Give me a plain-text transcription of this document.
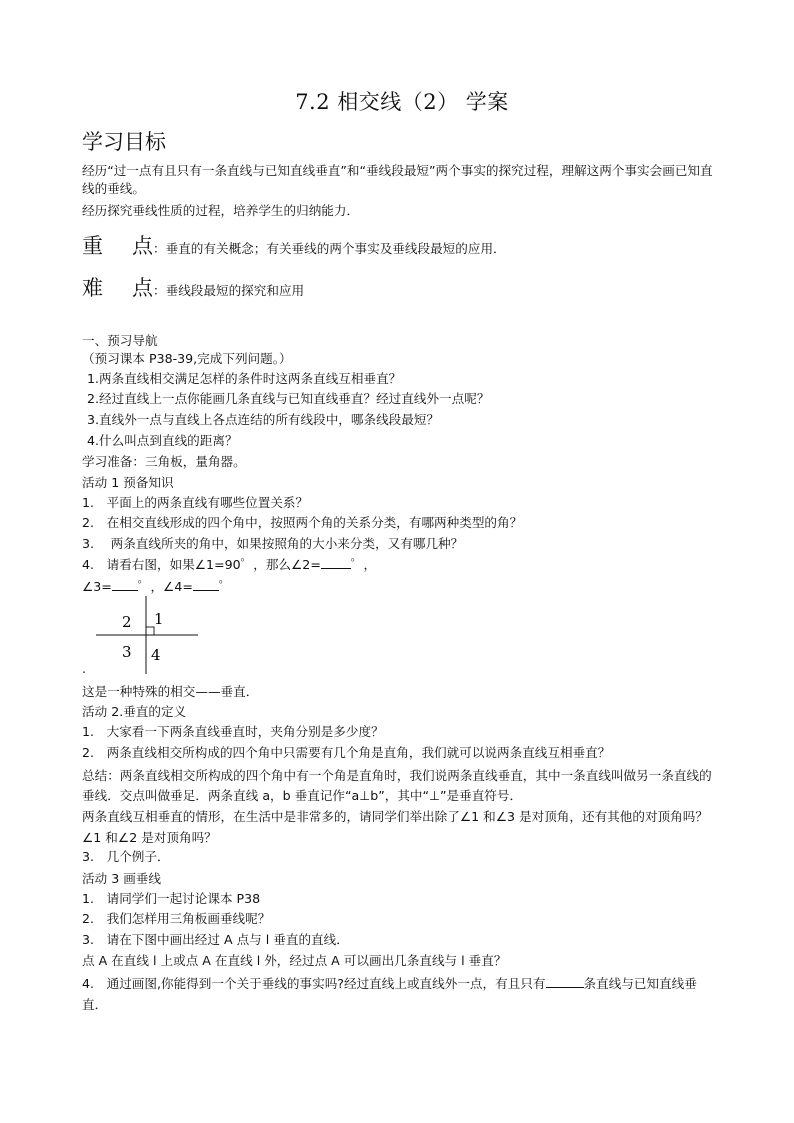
7.2 相交线（2） 学案
学习目标
经历“过一点有且只有一条直线与已知直线垂直”和“垂线段最短”两个事实的探究过程，理解这两个事实会画已知直线的垂线。
经历探究垂线性质的过程，培养学生的归纳能力．
重 点：垂直的有关概念；有关垂线的两个事实及垂线段最短的应用．
难 点：垂线段最短的探究和应用
一、预习导航
（预习课本 P38-39,完成下列问题。）
1.两条直线相交满足怎样的条件时这两条直线互相垂直？
2.经过直线上一点你能画几条直线与已知直线垂直？经过直线外一点呢？
3.直线外一点与直线上各点连结的所有线段中，哪条线段最短？
4.什么叫点到直线的距离？
学习准备：三角板，量角器。
活动 1 预备知识
1.　平面上的两条直线有哪些位置关系？
2.　在相交直线形成的四个角中，按照两个角的关系分类，有哪两种类型的角？
3.　 两条直线所夹的角中，如果按照角的大小来分类，又有哪几种？
4.　请看右图，如果∠1=90゜，那么∠2= ゜，
∠3= ゜，∠4= ゜
2 1
3 4
.
这是一种特殊的相交——垂直．
活动 2.垂直的定义
1.　大家看一下两条直线垂直时，夹角分别是多少度？
2.　两条直线相交所构成的四个角中只需要有几个角是直角，我们就可以说两条直线互相垂直？
总结：两条直线相交所构成的四个角中有一个角是直角时，我们说两条直线垂直，其中一条直线叫做另一条直线的垂线．交点叫做垂足．两条直线 a，b 垂直记作“a⊥b”，其中“⊥”是垂直符号．
两条直线互相垂直的情形，在生活中是非常多的，请同学们举出除了∠1 和∠3 是对顶角，还有其他的对顶角吗？∠1 和∠2 是对顶角吗？
3.　几个例子．
活动 3 画垂线
1.　请同学们一起讨论课本 P38
2.　我们怎样用三角板画垂线呢？
3.　请在下图中画出经过 A 点与 l 垂直的直线．
点 A 在直线 l 上或点 A 在直线 l 外，经过点 A 可以画出几条直线与 l 垂直？
4.　通过画图,你能得到一个关于垂线的事实吗?经过直线上或直线外一点，有且只有	条直线与已知直线垂直．
